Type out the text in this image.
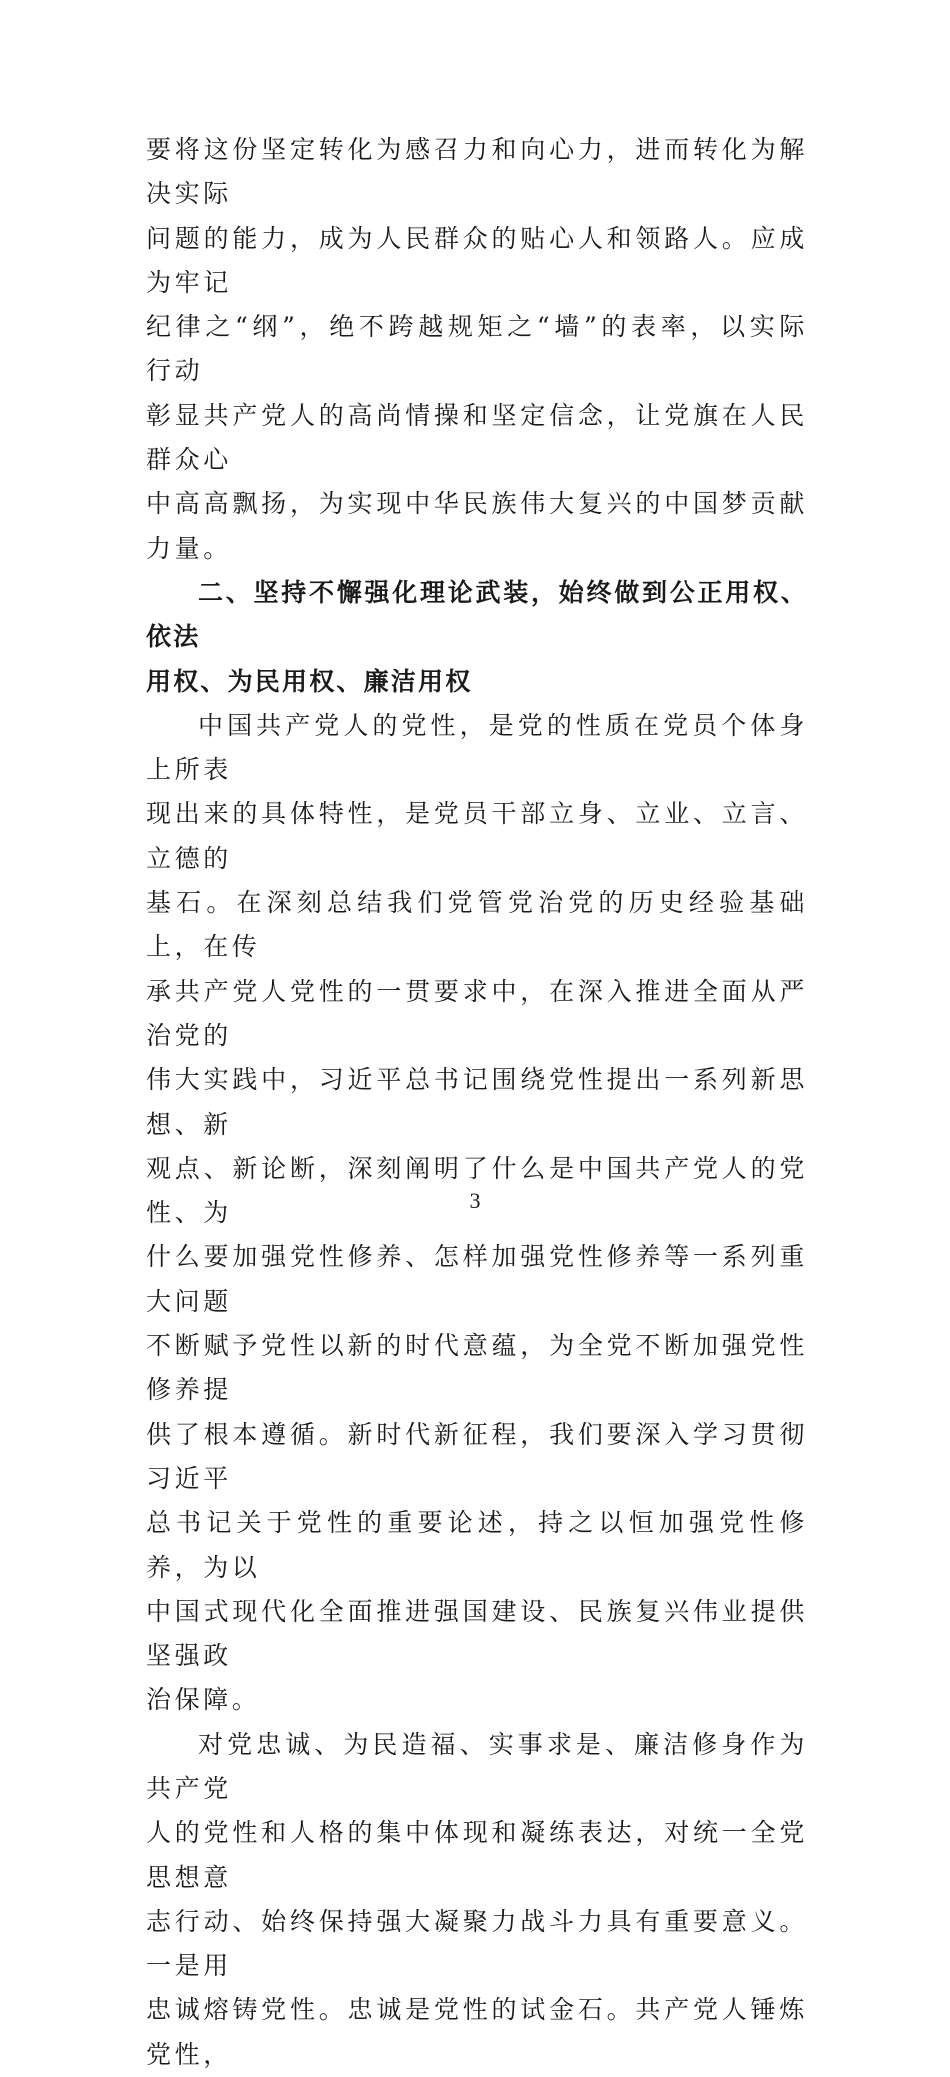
要将这份坚定转化为感召力和向心力，进而转化为解决实际
问题的能力，成为人民群众的贴心人和领路人。应成为牢记
纪律之“纲”，绝不跨越规矩之“墙”的表率，以实际行动
彰显共产党人的高尚情操和坚定信念，让党旗在人民群众心
中高高飘扬，为实现中华民族伟大复兴的中国梦贡献力量。

二、坚持不懈强化理论武装，始终做到公正用权、依法
用权、为民用权、廉洁用权

中国共产党人的党性，是党的性质在党员个体身上所表
现出来的具体特性，是党员干部立身、立业、立言、立德的
基石。在深刻总结我们党管党治党的历史经验基础上，在传
承共产党人党性的一贯要求中，在深入推进全面从严治党的
伟大实践中，习近平总书记围绕党性提出一系列新思想、新
观点、新论断，深刻阐明了什么是中国共产党人的党性、为
什么要加强党性修养、怎样加强党性修养等一系列重大问题
不断赋予党性以新的时代意蕴，为全党不断加强党性修养提
供了根本遵循。新时代新征程，我们要深入学习贯彻习近平
总书记关于党性的重要论述，持之以恒加强党性修养，为以
中国式现代化全面推进强国建设、民族复兴伟业提供坚强政
治保障。

对党忠诚、为民造福、实事求是、廉洁修身作为共产党
人的党性和人格的集中体现和凝练表达，对统一全党思想意
志行动、始终保持强大凝聚力战斗力具有重要意义。一是用
忠诚熔铸党性。忠诚是党性的试金石。共产党人锤炼党性，

3
